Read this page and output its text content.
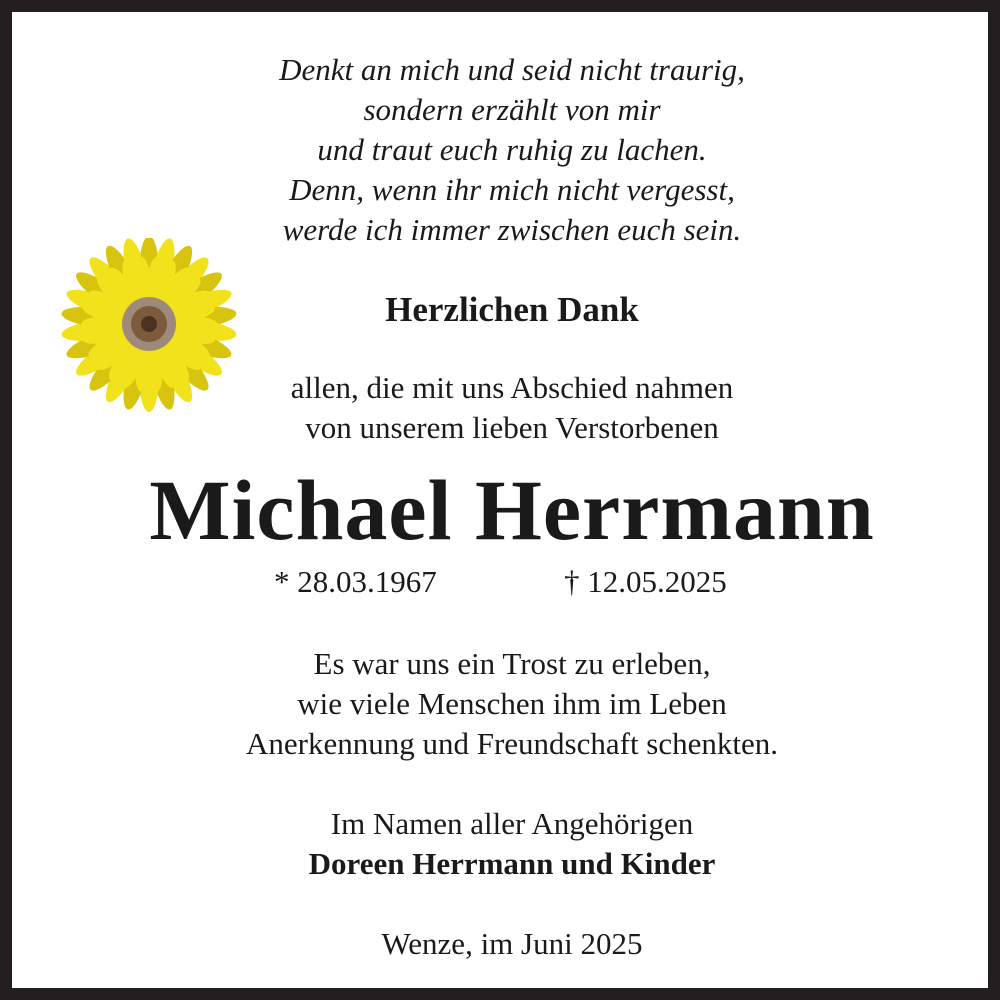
Denkt an mich und seid nicht traurig,

sondern erzählt von mir

und traut euch ruhig zu lachen.

Denn, wenn ihr mich nicht vergesst,

werde ich immer zwischen euch sein.

Herzlichen Dank

allen, die mit uns Abschied nahmen

von unserem lieben Verstorbenen

Michael Herrmann

* 28.03.1967	† 12.05.2025

Es war uns ein Trost zu erleben,

wie viele Menschen ihm im Leben

Anerkennung und Freundschaft schenkten.

Im Namen aller Angehörigen

Doreen Herrmann und Kinder

Wenze, im Juni 2025
